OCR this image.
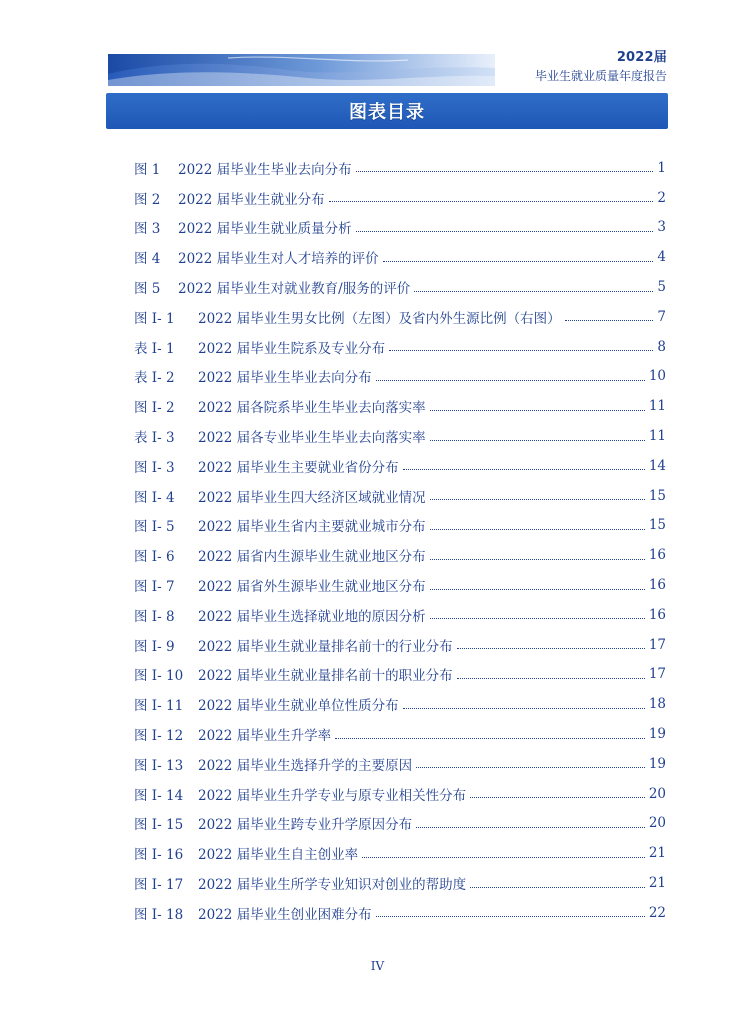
2022届
毕业生就业质量年度报告
图表目录
图 1	2022 届毕业生毕业去向分布	1
图 2	2022 届毕业生就业分布	2
图 3	2022 届毕业生就业质量分析	3
图 4	2022 届毕业生对人才培养的评价	4
图 5	2022 届毕业生对就业教育/服务的评价	5
图 I- 1	2022 届毕业生男女比例（左图）及省内外生源比例（右图）	7
表 I- 1	2022 届毕业生院系及专业分布	8
表 I- 2	2022 届毕业生毕业去向分布	10
图 I- 2	2022 届各院系毕业生毕业去向落实率	11
表 I- 3	2022 届各专业毕业生毕业去向落实率	11
图 I- 3	2022 届毕业生主要就业省份分布	14
图 I- 4	2022 届毕业生四大经济区域就业情况	15
图 I- 5	2022 届毕业生省内主要就业城市分布	15
图 I- 6	2022 届省内生源毕业生就业地区分布	16
图 I- 7	2022 届省外生源毕业生就业地区分布	16
图 I- 8	2022 届毕业生选择就业地的原因分析	16
图 I- 9	2022 届毕业生就业量排名前十的行业分布	17
图 I- 10	2022 届毕业生就业量排名前十的职业分布	17
图 I- 11	2022 届毕业生就业单位性质分布	18
图 I- 12	2022 届毕业生升学率	19
图 I- 13	2022 届毕业生选择升学的主要原因	19
图 I- 14	2022 届毕业生升学专业与原专业相关性分布	20
图 I- 15	2022 届毕业生跨专业升学原因分布	20
图 I- 16	2022 届毕业生自主创业率	21
图 I- 17	2022 届毕业生所学专业知识对创业的帮助度	21
图 I- 18	2022 届毕业生创业困难分布	22
IV
